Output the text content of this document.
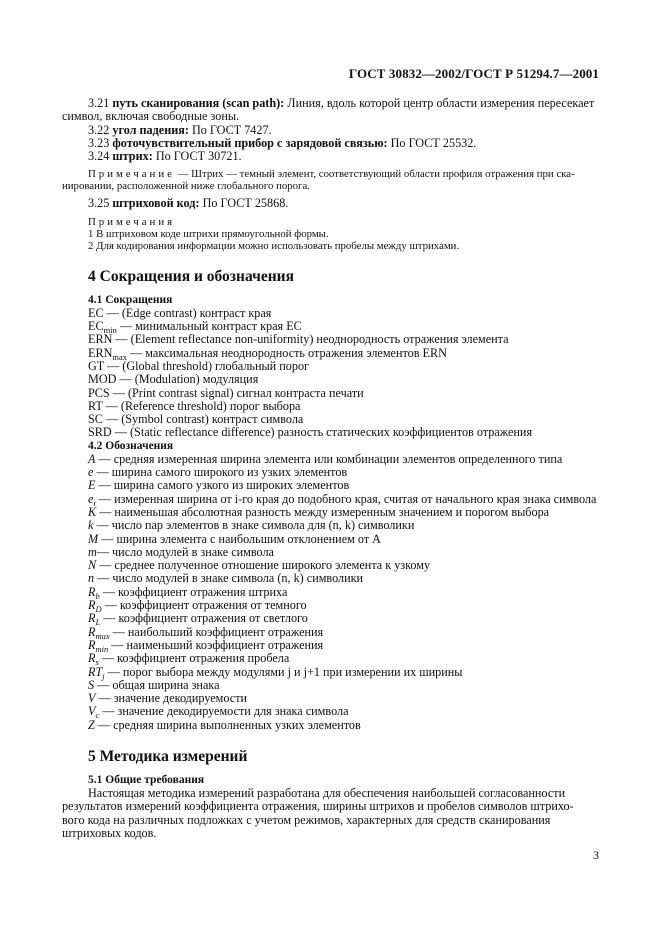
ГОСТ 30832—2002/ГОСТ Р 51294.7—2001

3.21 путь сканирования (scan path): Линия, вдоль которой центр области измерения пересекает
символ, включая свободные зоны.

3.22 угол падения: По ГОСТ 7427.

3.23 фоточувствительный прибор с зарядовой связью: По ГОСТ 25532.

3.24 штрих: По ГОСТ 30721.

Примечание — Штрих — темный элемент, соответствующий области профиля отражения при ска-
нировании, расположенной ниже глобального порога.

3.25 штриховой код: По ГОСТ 25868.

Примечания

1 В штриховом коде штрихи прямоугольной формы.

2 Для кодирования информации можно использовать пробелы между штрихами.

4 Сокращения и обозначения

4.1 Сокращения

EC — (Edge contrast) контраст края

$EC_{min}$ — минимальный контраст края EC

ERN — (Element reflectance non-uniformity) неоднородность отражения элемента

$ERN_{max}$ — максимальная неоднородность отражения элементов ERN

GT — (Global threshold) глобальный порог

MOD — (Modulation) модуляция

PCS — (Print contrast signal) сигнал контраста печати

RT — (Reference threshold) порог выбора

SC — (Symbol contrast) контраст символа

SRD — (Static reflectance difference) разность статических коэффициентов отражения

4.2 Обозначения

A — средняя измеренная ширина элемента или комбинации элементов определенного типа

e — ширина самого широкого из узких элементов

E — ширина самого узкого из широких элементов

$e_i$ — измеренная ширина от i-го края до подобного края, считая от начального края знака символа

K — наименьшая абсолютная разность между измеренным значением и порогом выбора

k — число пар элементов в знаке символа для (n, k) символики

M — ширина элемента с наибольшим отклонением от A

m— число модулей в знаке символа

N — среднее полученное отношение широкого элемента к узкому

n — число модулей в знаке символа (n, k) символики

$R_b$ — коэффициент отражения штриха

$R_D$ — коэффициент отражения от темного

$R_L$ — коэффициент отражения от светлого

$R_{max}$ — наибольший коэффициент отражения

$R_{min}$ — наименьший коэффициент отражения

$R_s$ — коэффициент отражения пробела

$RT_j$ — порог выбора между модулями j и j+1 при измерении их ширины

S — общая ширина знака

V — значение декодируемости

$V_c$ — значение декодируемости для знака символа

Z — средняя ширина выполненных узких элементов

5 Методика измерений

5.1 Общие требования

Настоящая методика измерений разработана для обеспечения наибольшей согласованности
результатов измерений коэффициента отражения, ширины штрихов и пробелов символов штрихо-
вого кода на различных подложках с учетом режимов, характерных для средств сканирования
штриховых кодов.

3
